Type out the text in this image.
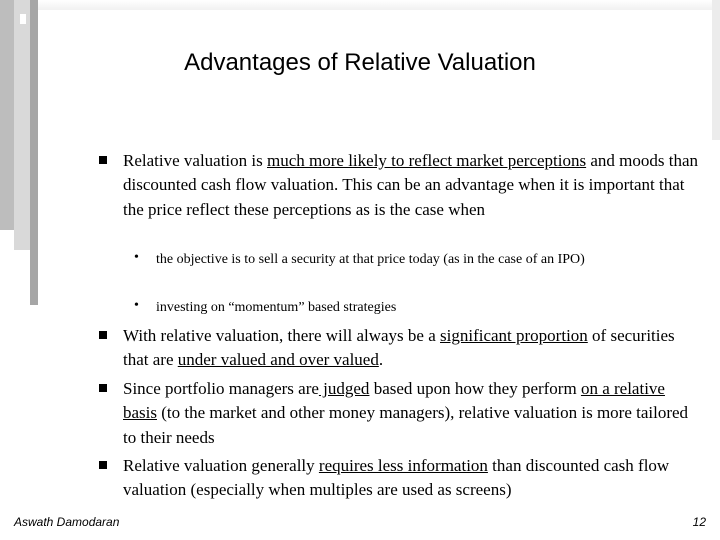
Advantages of Relative Valuation
Relative valuation is much more likely to reflect market perceptions and moods than discounted cash flow valuation. This can be an advantage when it is important that the price reflect these perceptions as is the case when
• the objective is to sell a security at that price today (as in the case of an IPO)
• investing on “momentum” based strategies
With relative valuation, there will always be a significant proportion of securities that are under valued and over valued.
Since portfolio managers are judged based upon how they perform on a relative basis (to the market and other money managers), relative valuation is more tailored to their needs
Relative valuation generally requires less information than discounted cash flow valuation (especially when multiples are used as screens)
Aswath Damodaran	12
